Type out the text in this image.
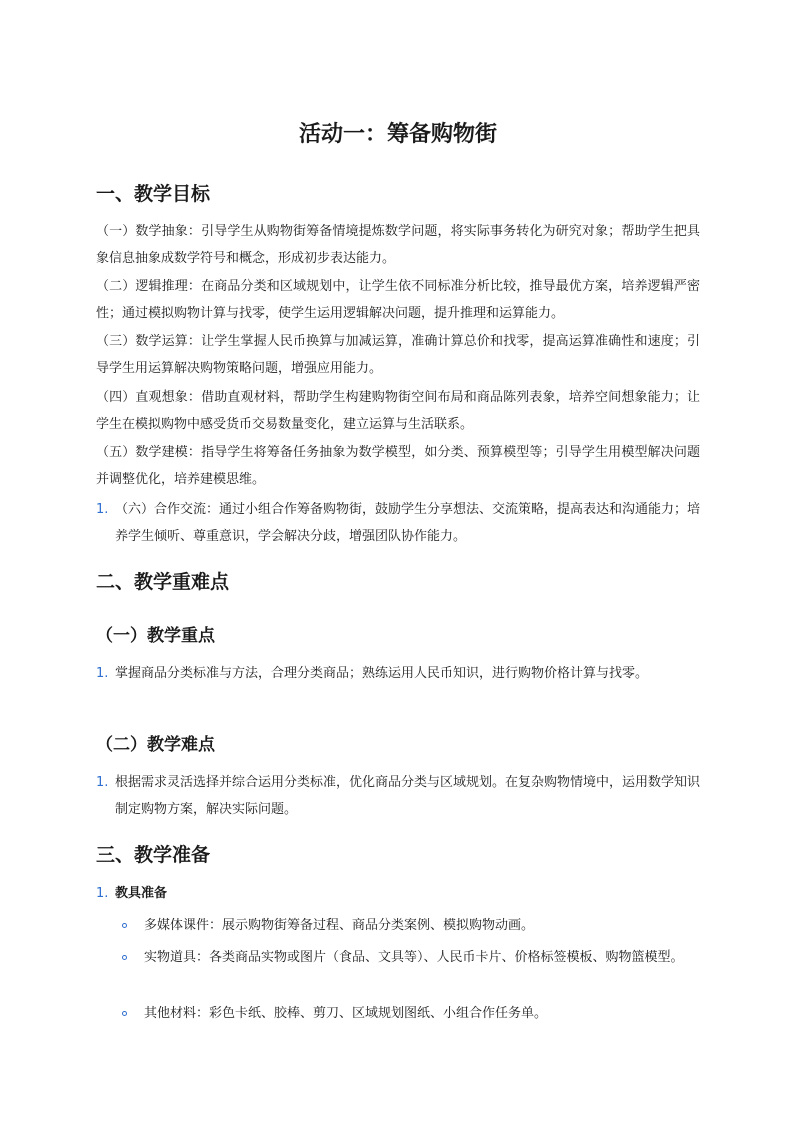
活动一：筹备购物街
一、教学目标

（一）数学抽象：引导学生从购物街筹备情境提炼数学问题，将实际事务转化为研究对象；帮助学生把具象信息抽象成数学符号和概念，形成初步表达能力。

（二）逻辑推理：在商品分类和区域规划中，让学生依不同标准分析比较，推导最优方案，培养逻辑严密性；通过模拟购物计算与找零，使学生运用逻辑解决问题，提升推理和运算能力。

（三）数学运算：让学生掌握人民币换算与加减运算，准确计算总价和找零，提高运算准确性和速度；引导学生用运算解决购物策略问题，增强应用能力。

（四）直观想象：借助直观材料，帮助学生构建购物街空间布局和商品陈列表象，培养空间想象能力；让学生在模拟购物中感受货币交易数量变化，建立运算与生活联系。

（五）数学建模：指导学生将筹备任务抽象为数学模型，如分类、预算模型等；引导学生用模型解决问题并调整优化，培养建模思维。

1. （六）合作交流：通过小组合作筹备购物街，鼓励学生分享想法、交流策略，提高表达和沟通能力；培养学生倾听、尊重意识，学会解决分歧，增强团队协作能力。
二、教学重难点
（一）教学重点
1. 掌握商品分类标准与方法，合理分类商品；熟练运用人民币知识，进行购物价格计算与找零。
（二）教学难点
1. 根据需求灵活选择并综合运用分类标准，优化商品分类与区域规划。在复杂购物情境中，运用数学知识制定购物方案，解决实际问题。
三、教学准备
1. 教具准备
多媒体课件：展示购物街筹备过程、商品分类案例、模拟购物动画。
实物道具：各类商品实物或图片（食品、文具等）、人民币卡片、价格标签模板、购物篮模型。
其他材料：彩色卡纸、胶棒、剪刀、区域规划图纸、小组合作任务单。
